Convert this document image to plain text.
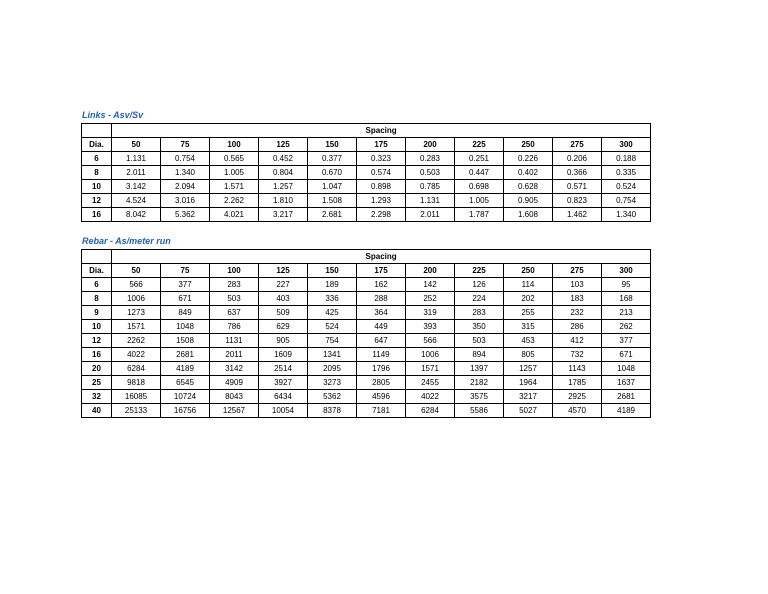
Links - Asv/Sv
	Spacing										
Dia.	50	75	100	125	150	175	200	225	250	275	300
6	1.131	0.754	0.565	0.452	0.377	0.323	0.283	0.251	0.226	0.206	0.188
8	2.011	1.340	1.005	0.804	0.670	0.574	0.503	0.447	0.402	0.366	0.335
10	3.142	2.094	1.571	1.257	1.047	0.898	0.785	0.698	0.628	0.571	0.524
12	4.524	3.016	2.262	1.810	1.508	1.293	1.131	1.005	0.905	0.823	0.754
16	8.042	5.362	4.021	3.217	2.681	2.298	2.011	1.787	1.608	1.462	1.340
Rebar - As/meter run
	Spacing										
Dia.	50	75	100	125	150	175	200	225	250	275	300
6	566	377	283	227	189	162	142	126	114	103	95
8	1006	671	503	403	336	288	252	224	202	183	168
9	1273	849	637	509	425	364	319	283	255	232	213
10	1571	1048	786	629	524	449	393	350	315	286	262
12	2262	1508	1131	905	754	647	566	503	453	412	377
16	4022	2681	2011	1609	1341	1149	1006	894	805	732	671
20	6284	4189	3142	2514	2095	1796	1571	1397	1257	1143	1048
25	9818	6545	4909	3927	3273	2805	2455	2182	1964	1785	1637
32	16085	10724	8043	6434	5362	4596	4022	3575	3217	2925	2681
40	25133	16756	12567	10054	8378	7181	6284	5586	5027	4570	4189
